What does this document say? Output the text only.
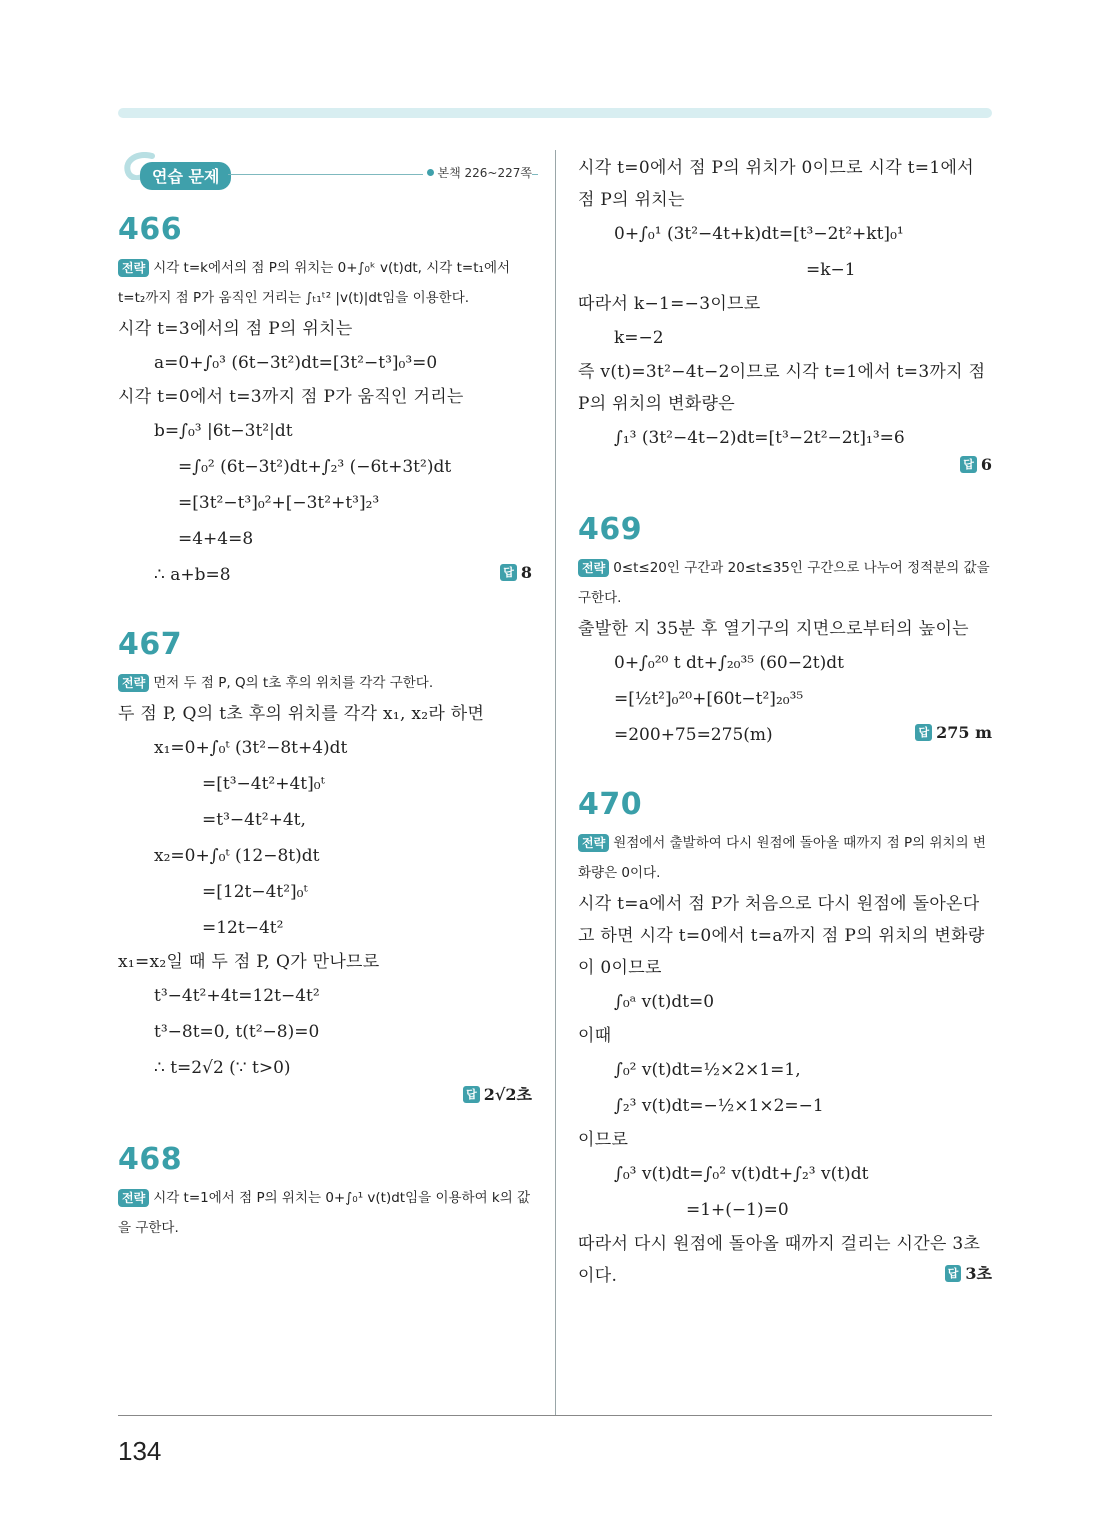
연습 문제	본책 226~227쪽
466
전략 시각 t=k에서의 점 P의 위치는 0+∫₀ᵏ v(t)dt, 시각 t=t₁에서 t=t₂까지 점 P가 움직인 거리는 ∫ₜ₁ᵗ² |v(t)|dt임을 이용한다.
시각 t=3에서의 점 P의 위치는
a=0+∫₀³ (6t−3t²)dt=[3t²−t³]₀³=0
시각 t=0에서 t=3까지 점 P가 움직인 거리는
b=∫₀³ |6t−3t²|dt
=∫₀² (6t−3t²)dt+∫₂³ (−6t+3t²)dt
=[3t²−t³]₀²+[−3t²+t³]₂³
=4+4=8
∴ a+b=8	답 8
467
전략 먼저 두 점 P, Q의 t초 후의 위치를 각각 구한다.
두 점 P, Q의 t초 후의 위치를 각각 x₁, x₂라 하면
x₁=0+∫₀ᵗ (3t²−8t+4)dt
=[t³−4t²+4t]₀ᵗ
=t³−4t²+4t,
x₂=0+∫₀ᵗ (12−8t)dt
=[12t−4t²]₀ᵗ
=12t−4t²
x₁=x₂일 때 두 점 P, Q가 만나므로
t³−4t²+4t=12t−4t²
t³−8t=0, t(t²−8)=0
∴ t=2√2 (∵ t>0)
답 2√2초
468
전략 시각 t=1에서 점 P의 위치는 0+∫₀¹ v(t)dt임을 이용하여 k의 값을 구한다.
시각 t=0에서 점 P의 위치가 0이므로 시각 t=1에서 점 P의 위치는
0+∫₀¹ (3t²−4t+k)dt=[t³−2t²+kt]₀¹
=k−1
따라서 k−1=−3이므로
k=−2
즉 v(t)=3t²−4t−2이므로 시각 t=1에서 t=3까지 점 P의 위치의 변화량은
∫₁³ (3t²−4t−2)dt=[t³−2t²−2t]₁³=6
답 6
469
전략 0≤t≤20인 구간과 20≤t≤35인 구간으로 나누어 정적분의 값을 구한다.
출발한 지 35분 후 열기구의 지면으로부터의 높이는
0+∫₀²⁰ t dt+∫₂₀³⁵ (60−2t)dt
=[½t²]₀²⁰+[60t−t²]₂₀³⁵
=200+75=275(m)	답 275 m
470
전략 원점에서 출발하여 다시 원점에 돌아올 때까지 점 P의 위치의 변화량은 0이다.
시각 t=a에서 점 P가 처음으로 다시 원점에 돌아온다고 하면 시각 t=0에서 t=a까지 점 P의 위치의 변화량이 0이므로
∫₀ᵃ v(t)dt=0
이때
∫₀² v(t)dt=½×2×1=1,
∫₂³ v(t)dt=−½×1×2=−1
이므로
∫₀³ v(t)dt=∫₀² v(t)dt+∫₂³ v(t)dt
=1+(−1)=0
따라서 다시 원점에 돌아올 때까지 걸리는 시간은 3초
이다.	답 3초
134
